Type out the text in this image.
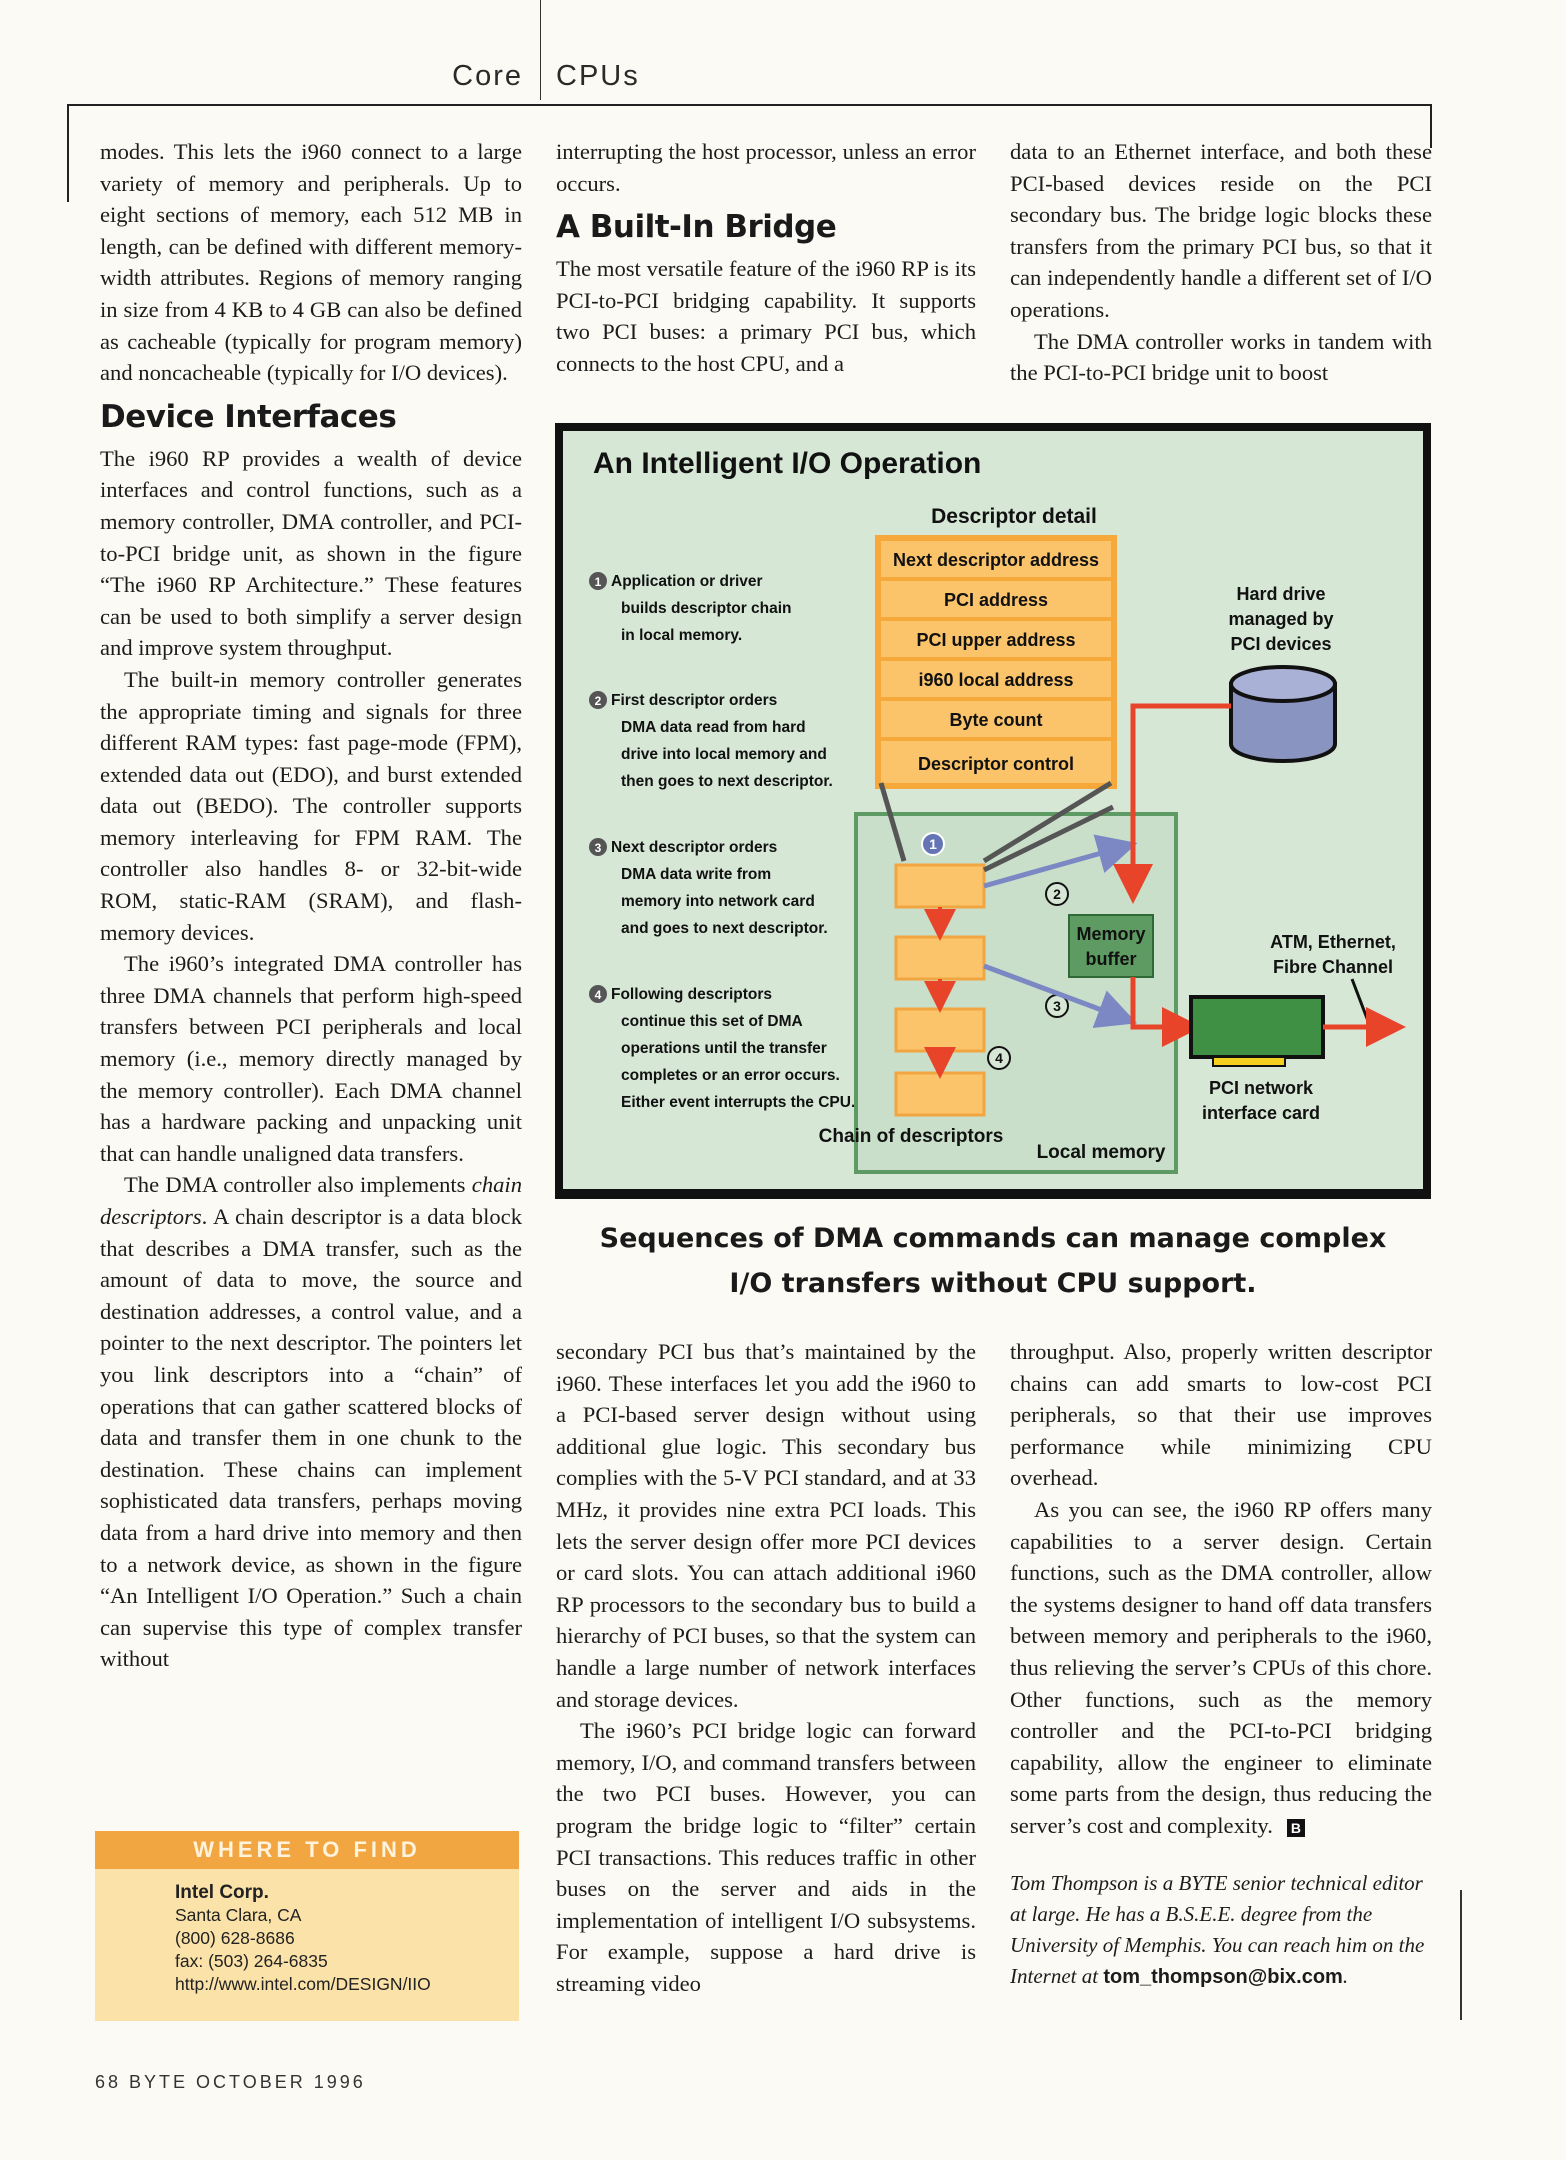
Core CPUs

modes. This lets the i960 connect to a large variety of memory and peripherals. Up to eight sections of memory, each 512 MB in length, can be defined with different memory-width attributes. Regions of memory ranging in size from 4 KB to 4 GB can also be defined as cacheable (typically for program memory) and noncacheable (typically for I/O devices).

Device Interfaces

The i960 RP provides a wealth of device interfaces and control functions, such as a memory controller, DMA controller, and PCI-to-PCI bridge unit, as shown in the figure “The i960 RP Architecture.” These features can be used to both simplify a server design and improve system throughput.

The built-in memory controller generates the appropriate timing and signals for three different RAM types: fast page-mode (FPM), extended data out (EDO), and burst extended data out (BEDO). The controller supports memory interleaving for FPM RAM. The controller also handles 8- or 32-bit-wide ROM, static-RAM (SRAM), and flash-memory devices.

The i960’s integrated DMA controller has three DMA channels that perform high-speed transfers between PCI peripherals and local memory (i.e., memory directly managed by the memory controller). Each DMA channel has a hardware packing and unpacking unit that can handle unaligned data transfers.

The DMA controller also implements chain descriptors. A chain descriptor is a data block that describes a DMA transfer, such as the amount of data to move, the source and destination addresses, a control value, and a pointer to the next descriptor. The pointers let you link descriptors into a “chain” of operations that can gather scattered blocks of data and transfer them in one chunk to the destination. These chains can implement sophisticated data transfers, perhaps moving data from a hard drive into memory and then to a network device, as shown in the figure “An Intelligent I/O Operation.” Such a chain can supervise this type of complex transfer without

interrupting the host processor, unless an error occurs.

A Built-In Bridge

The most versatile feature of the i960 RP is its PCI-to-PCI bridging capability. It supports two PCI buses: a primary PCI bus, which connects to the host CPU, and a

data to an Ethernet interface, and both these PCI-based devices reside on the PCI secondary bus. The bridge logic blocks these transfers from the primary PCI bus, so that it can independently handle a different set of I/O operations.

The DMA controller works in tandem with the PCI-to-PCI bridge unit to boost

An Intelligent I/O Operation
Descriptor detail
Next descriptor address
PCI address
PCI upper address
i960 local address
Byte count
Descriptor control
1 Application or driver
builds descriptor chain
in local memory.
2 First descriptor orders
DMA data read from hard
drive into local memory and
then goes to next descriptor.
3 Next descriptor orders
DMA data write from
memory into network card
and goes to next descriptor.
4 Following descriptors
continue this set of DMA
operations until the transfer
completes or an error occurs.
Either event interrupts the CPU.
Local memory
Chain of descriptors
1
2
3
4
Memory
buffer
Hard drive
managed by
PCI devices
ATM, Ethernet,
Fibre Channel
PCI network
interface card
Sequences of DMA commands can manage complex
I/O transfers without CPU support.

secondary PCI bus that’s maintained by the i960. These interfaces let you add the i960 to a PCI-based server design without using additional glue logic. This secondary bus complies with the 5-V PCI standard, and at 33 MHz, it provides nine extra PCI loads. This lets the server design offer more PCI devices or card slots. You can attach additional i960 RP processors to the secondary bus to build a hierarchy of PCI buses, so that the system can handle a large number of network interfaces and storage devices.

The i960’s PCI bridge logic can forward memory, I/O, and command transfers between the two PCI buses. However, you can program the bridge logic to “filter” certain PCI transactions. This reduces traffic in other buses on the server and aids in the implementation of intelligent I/O subsystems. For example, suppose a hard drive is streaming video

throughput. Also, properly written descriptor chains can add smarts to low-cost PCI peripherals, so that their use improves performance while minimizing CPU overhead.

As you can see, the i960 RP offers many capabilities to a server design. Certain functions, such as the DMA controller, allow the systems designer to hand off data transfers between memory and peripherals to the i960, thus relieving the server’s CPUs of this chore. Other functions, such as the memory controller and the PCI-to-PCI bridging capability, allow the engineer to eliminate some parts from the design, thus reducing the server’s cost and complexity. B

Tom Thompson is a BYTE senior technical editor at large. He has a B.S.E.E. degree from the University of Memphis. You can reach him on the Internet at tom_thompson@bix.com.

WHERE TO FIND
Intel Corp.
Santa Clara, CA
(800) 628-8686
fax: (503) 264-6835
http://www.intel.com/DESIGN/IIO
68 BYTE OCTOBER 1996
